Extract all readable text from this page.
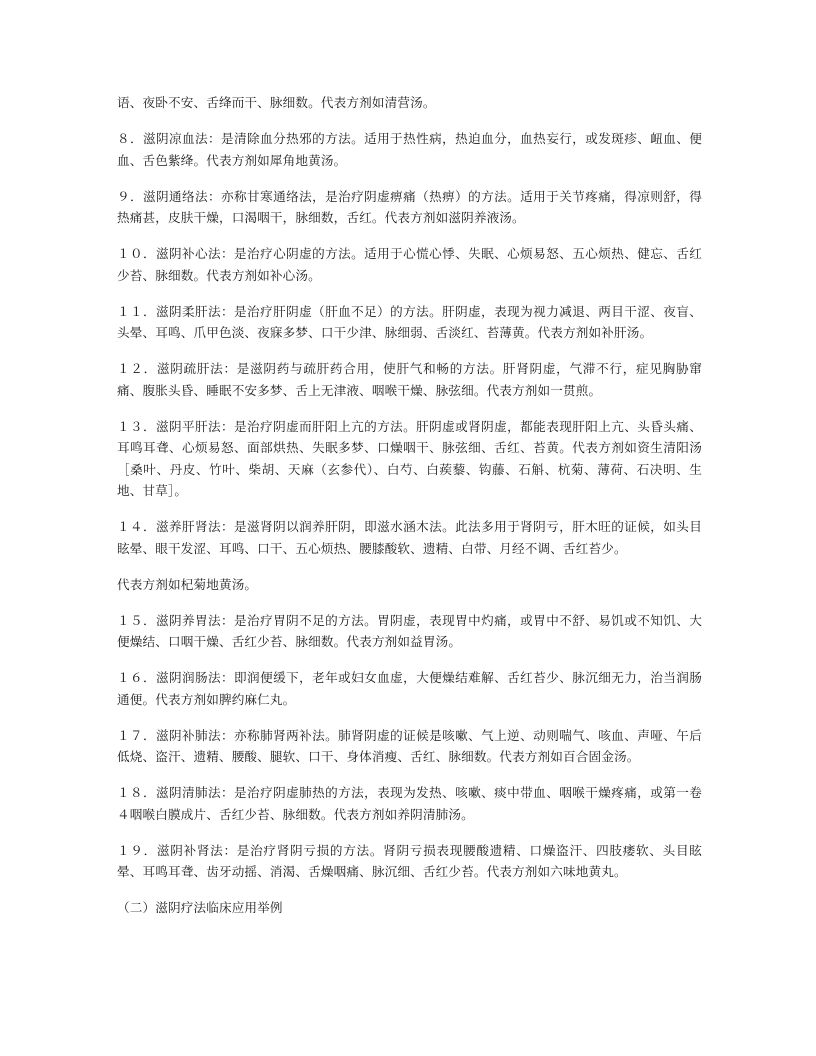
语、夜卧不安、舌绛而干、脉细数。代表方剂如清营汤。

８．滋阴凉血法：是清除血分热邪的方法。适用于热性病，热迫血分，血热妄行，或发斑疹、衄血、便血、舌色紫绛。代表方剂如犀角地黄汤。

９．滋阴通络法：亦称甘寒通络法，是治疗阴虚痹痛（热痹）的方法。适用于关节疼痛，得凉则舒，得热痛甚，皮肤干燥，口渴咽干，脉细数，舌红。代表方剂如滋阴养液汤。

１０．滋阴补心法：是治疗心阴虚的方法。适用于心慌心悸、失眠、心烦易怒、五心烦热、健忘、舌红少苔、脉细数。代表方剂如补心汤。

１１．滋阴柔肝法：是治疗肝阴虚（肝血不足）的方法。肝阴虚，表现为视力减退、两目干涩、夜盲、头晕、耳鸣、爪甲色淡、夜寐多梦、口干少津、脉细弱、舌淡红、苔薄黄。代表方剂如补肝汤。

１２．滋阴疏肝法：是滋阴药与疏肝药合用，使肝气和畅的方法。肝肾阴虚，气滞不行，症见胸胁窜痛、腹胀头昏、睡眠不安多梦、舌上无津液、咽喉干燥、脉弦细。代表方剂如一贯煎。

１３．滋阴平肝法：是治疗阴虚而肝阳上亢的方法。肝阴虚或肾阴虚，都能表现肝阳上亢、头昏头痛、耳鸣耳聋、心烦易怒、面部烘热、失眠多梦、口燥咽干、脉弦细、舌红、苔黄。代表方剂如资生清阳汤［桑叶、丹皮、竹叶、柴胡、天麻（玄参代）、白芍、白蒺藜、钩藤、石斛、杭菊、薄荷、石决明、生地、甘草］。

１４．滋养肝肾法：是滋肾阴以润养肝阴，即滋水涵木法。此法多用于肾阴亏，肝木旺的证候，如头目眩晕、眼干发涩、耳鸣、口干、五心烦热、腰膝酸软、遗精、白带、月经不调、舌红苔少。

代表方剂如杞菊地黄汤。

１５．滋阴养胃法：是治疗胃阴不足的方法。胃阴虚，表现胃中灼痛，或胃中不舒、易饥或不知饥、大便燥结、口咽干燥、舌红少苔、脉细数。代表方剂如益胃汤。

１６．滋阴润肠法：即润便缓下，老年或妇女血虚，大便燥结难解、舌红苔少、脉沉细无力，治当润肠通便。代表方剂如脾约麻仁丸。

１７．滋阴补肺法：亦称肺肾两补法。肺肾阴虚的证候是咳嗽、气上逆、动则喘气、咳血、声哑、午后低烧、盗汗、遗精、腰酸、腿软、口干、身体消瘦、舌红、脉细数。代表方剂如百合固金汤。

１８．滋阴清肺法：是治疗阴虚肺热的方法，表现为发热、咳嗽、痰中带血、咽喉干燥疼痛，或第一卷４咽喉白膜成片、舌红少苔、脉细数。代表方剂如养阴清肺汤。

１９．滋阴补肾法：是治疗肾阴亏损的方法。肾阴亏损表现腰酸遗精、口燥盗汗、四肢痿软、头目眩晕、耳鸣耳聋、齿牙动摇、消渴、舌燥咽痛、脉沉细、舌红少苔。代表方剂如六味地黄丸。

（二）滋阴疗法临床应用举例
